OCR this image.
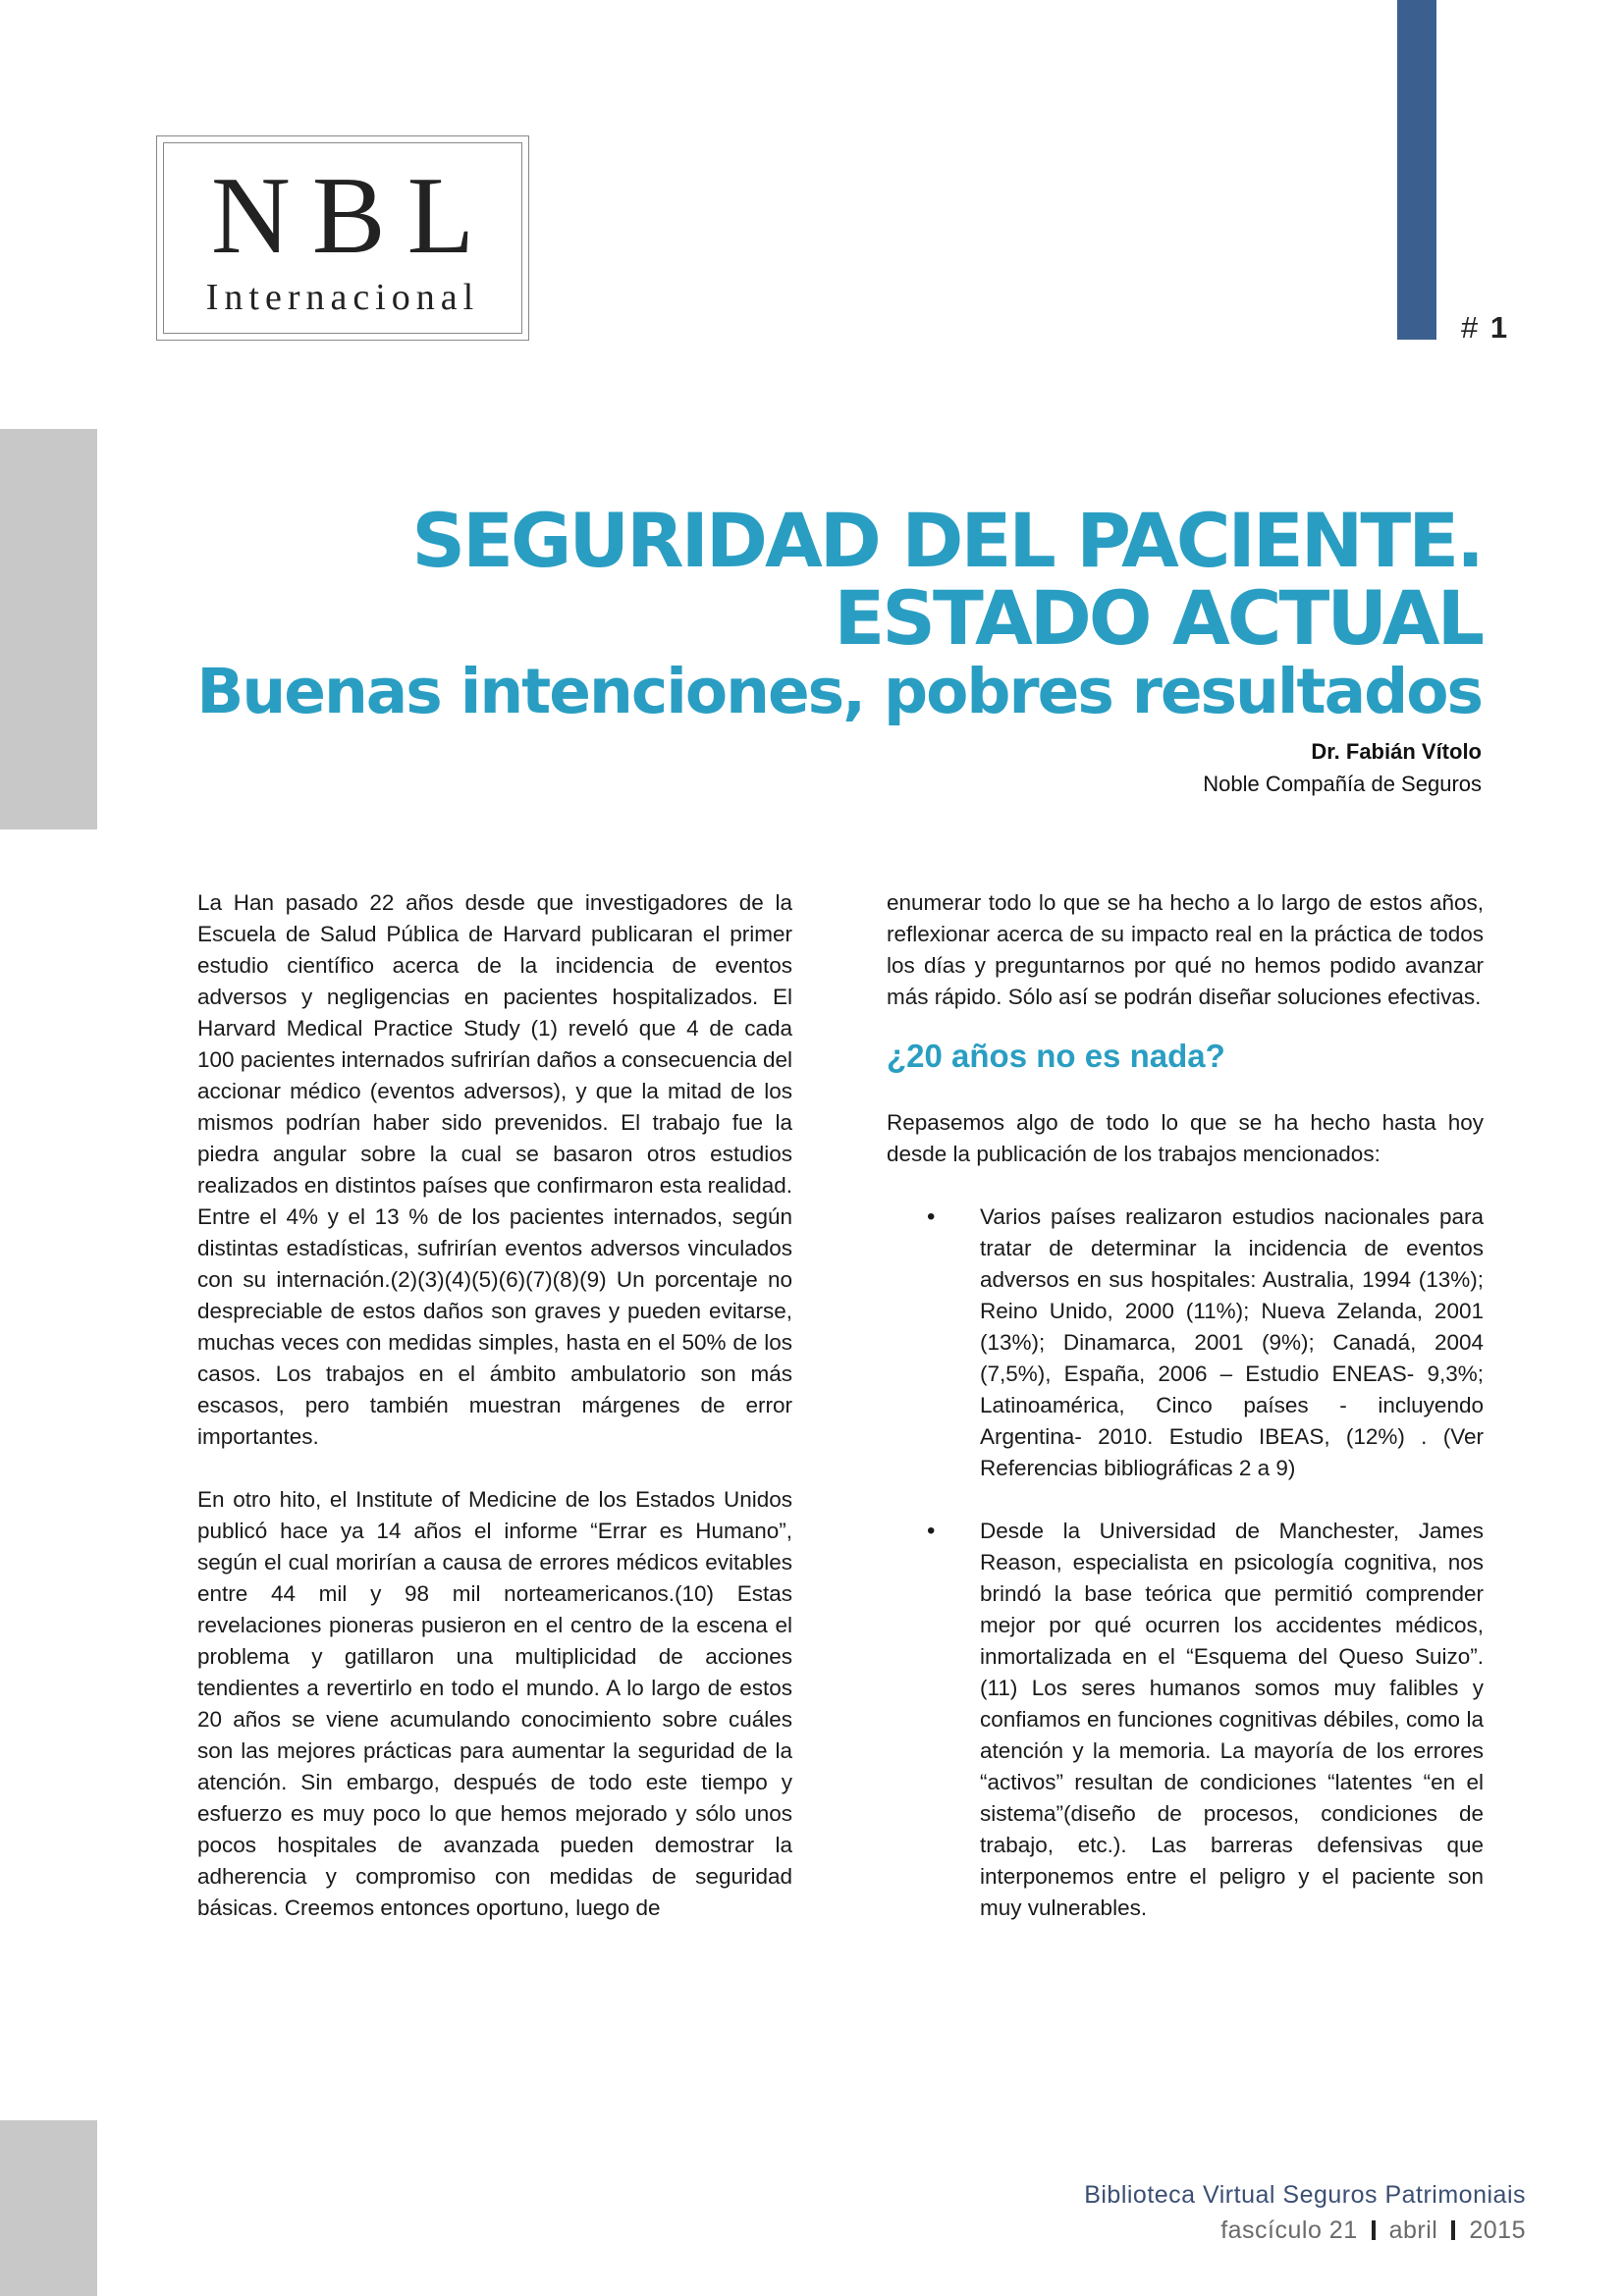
# 1
NBL
Internacional
SEGURIDAD DEL PACIENTE.
ESTADO ACTUAL
Buenas intenciones, pobres resultados
Dr. Fabián Vítolo
Noble Compañía de Seguros

La Han pasado 22 años desde que investigadores de la Escuela de Salud Pública de Harvard publicaran el primer estudio científico acerca de la incidencia de eventos adversos y negligencias en pacientes hospitalizados. El Harvard Medical Practice Study (1) reveló que 4 de cada 100 pacientes internados sufrirían daños a consecuencia del accionar médico (eventos adversos), y que la mitad de los mismos podrían haber sido prevenidos. El trabajo fue la piedra angular sobre la cual se basaron otros estudios realizados en distintos países que confirmaron esta realidad. Entre el 4% y el 13 % de los pacientes internados, según distintas estadísticas, sufrirían eventos adversos vinculados con su internación.(2)(3)(4)(5)(6)(7)(8)(9) Un porcentaje no despreciable de estos daños son graves y pueden evitarse, muchas veces con medidas simples, hasta en el 50% de los casos. Los trabajos en el ámbito ambulatorio son más escasos, pero también muestran márgenes de error importantes.

En otro hito, el Institute of Medicine de los Estados Unidos publicó hace ya 14 años el informe “Errar es Humano”, según el cual morirían a causa de errores médicos evitables entre 44 mil y 98 mil norteamericanos.(10) Estas revelaciones pioneras pusieron en el centro de la escena el problema y gatillaron una multiplicidad de acciones tendientes a revertirlo en todo el mundo. A lo largo de estos 20 años se viene acumulando conocimiento sobre cuáles son las mejores prácticas para aumentar la seguridad de la atención. Sin embargo, después de todo este tiempo y esfuerzo es muy poco lo que hemos mejorado y sólo unos pocos hospitales de avanzada pueden demostrar la adherencia y compromiso con medidas de seguridad básicas. Creemos entonces oportuno, luego de

enumerar todo lo que se ha hecho a lo largo de estos años, reflexionar acerca de su impacto real en la práctica de todos los días y preguntarnos por qué no hemos podido avanzar más rápido. Sólo así se podrán diseñar soluciones efectivas.

¿20 años no es nada?

Repasemos algo de todo lo que se ha hecho hasta hoy desde la publicación de los trabajos mencionados:

• Varios países realizaron estudios nacionales para tratar de determinar la incidencia de eventos adversos en sus hospitales: Australia, 1994 (13%); Reino Unido, 2000 (11%); Nueva Zelanda, 2001 (13%); Dinamarca, 2001 (9%); Canadá, 2004 (7,5%), España, 2006 – Estudio ENEAS- 9,3%; Latinoamérica, Cinco países - incluyendo Argentina- 2010. Estudio IBEAS, (12%) . (Ver Referencias bibliográficas 2 a 9)
• Desde la Universidad de Manchester, James Reason, especialista en psicología cognitiva, nos brindó la base teórica que permitió comprender mejor por qué ocurren los accidentes médicos, inmortalizada en el “Esquema del Queso Suizo”. (11) Los seres humanos somos muy falibles y confiamos en funciones cognitivas débiles, como la atención y la memoria. La mayoría de los errores “activos” resultan de condiciones “latentes “en el sistema”(diseño de procesos, condiciones de trabajo, etc.). Las barreras defensivas que interponemos entre el peligro y el paciente son muy vulnerables.
Biblioteca Virtual Seguros Patrimoniais
fascículo 21 abril 2015
